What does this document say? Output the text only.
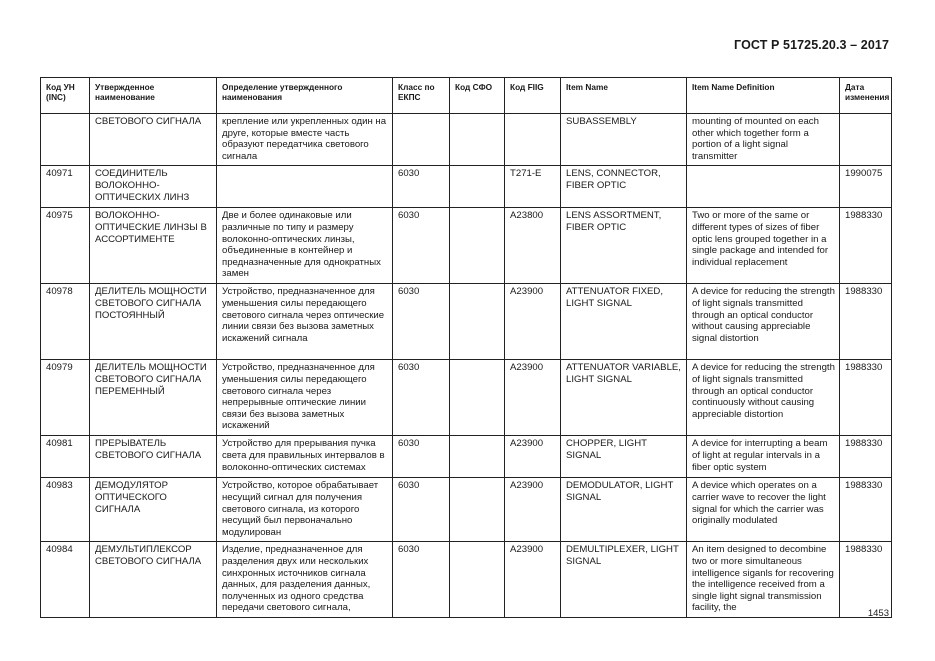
ГОСТ Р 51725.20.3 – 2017
Код УН (INC)	Утвержденное наименование	Определение утвержденного наименования	Класс по ЕКПС	Код СФО	Код FIIG	Item Name	Item Name Definition	Дата изменения
	СВЕТОВОГО СИГНАЛА	крепление или укрепленных один на друге, которые вместе часть образуют передатчика светового сигнала				SUBASSEMBLY	mounting of mounted on each other which together form a portion of a light signal transmitter	
40971	СОЕДИНИТЕЛЬ ВОЛОКОННО-ОПТИЧЕСКИХ ЛИНЗ		6030		T271-E	LENS, CONNECTOR, FIBER OPTIC		1990075
40975	ВОЛОКОННО-ОПТИЧЕСКИЕ ЛИНЗЫ В АССОРТИМЕНТЕ	Две и более одинаковые или различные по типу и размеру волоконно-оптических линзы, объединенные в контейнер и предназначенные для однократных замен	6030		A23800	LENS ASSORTMENT, FIBER OPTIC	Two or more of the same or different types of sizes of fiber optic lens grouped together in a single package and intended for individual replacement	1988330
40978	ДЕЛИТЕЛЬ МОЩНОСТИ СВЕТОВОГО СИГНАЛА ПОСТОЯННЫЙ	Устройство, предназначенное для уменьшения силы передающего светового сигнала через оптические линии связи без вызова заметных искажений сигнала	6030		A23900	ATTENUATOR FIXED, LIGHT SIGNAL	A device for reducing the strength of light signals transmitted through an optical conductor without causing appreciable signal distortion	1988330
40979	ДЕЛИТЕЛЬ МОЩНОСТИ СВЕТОВОГО СИГНАЛА ПЕРЕМЕННЫЙ	Устройство, предназначенное для уменьшения силы передающего светового сигнала через непрерывные оптические линии связи без вызова заметных искажений	6030		A23900	ATTENUATOR VARIABLE, LIGHT SIGNAL	A device for reducing the strength of light signals transmitted through an optical conductor continuously without causing appreciable distortion	1988330
40981	ПРЕРЫВАТЕЛЬ СВЕТОВОГО СИГНАЛА	Устройство для прерывания пучка света для правильных интервалов в волоконно-оптических системах	6030		A23900	CHOPPER, LIGHT SIGNAL	A device for interrupting a beam of light at regular intervals in a fiber optic system	1988330
40983	ДЕМОДУЛЯТОР ОПТИЧЕСКОГО СИГНАЛА	Устройство, которое обрабатывает несущий сигнал для получения светового сигнала, из которого несущий был первоначально модулирован	6030		A23900	DEMODULATOR, LIGHT SIGNAL	A device which operates on a carrier wave to recover the light signal for which the carrier was originally modulated	1988330
40984	ДЕМУЛЬТИПЛЕКСОР СВЕТОВОГО СИГНАЛА	Изделие, предназначенное для разделения двух или нескольких синхронных источников сигнала данных, для разделения данных, полученных из одного средства передачи светового сигнала,	6030		A23900	DEMULTIPLEXER, LIGHT SIGNAL	An item designed to decombine two or more simultaneous intelligence siganls for recovering the intelligence received from a single light signal transmission facility, the	1988330
1453
